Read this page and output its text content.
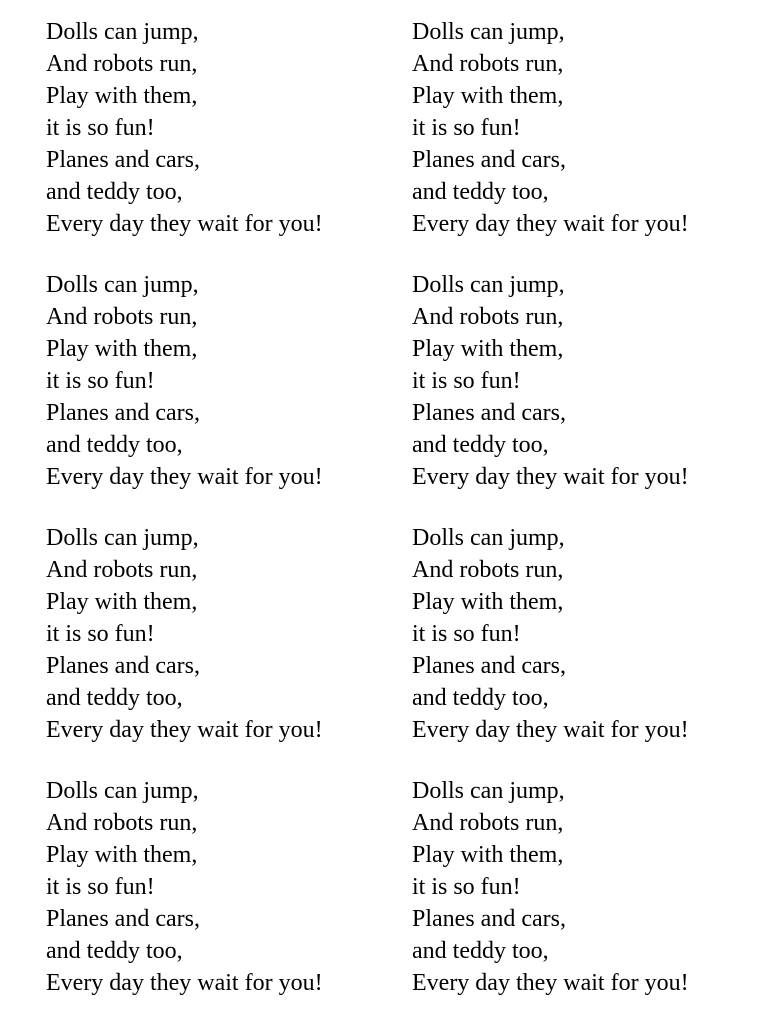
Dolls can jump,
And robots run,
Play with them,
it is so fun!
Planes and cars,
and teddy too,
Every day they wait for you!
Dolls can jump,
And robots run,
Play with them,
it is so fun!
Planes and cars,
and teddy too,
Every day they wait for you!
Dolls can jump,
And robots run,
Play with them,
it is so fun!
Planes and cars,
and teddy too,
Every day they wait for you!
Dolls can jump,
And robots run,
Play with them,
it is so fun!
Planes and cars,
and teddy too,
Every day they wait for you!
Dolls can jump,
And robots run,
Play with them,
it is so fun!
Planes and cars,
and teddy too,
Every day they wait for you!
Dolls can jump,
And robots run,
Play with them,
it is so fun!
Planes and cars,
and teddy too,
Every day they wait for you!
Dolls can jump,
And robots run,
Play with them,
it is so fun!
Planes and cars,
and teddy too,
Every day they wait for you!
Dolls can jump,
And robots run,
Play with them,
it is so fun!
Planes and cars,
and teddy too,
Every day they wait for you!
